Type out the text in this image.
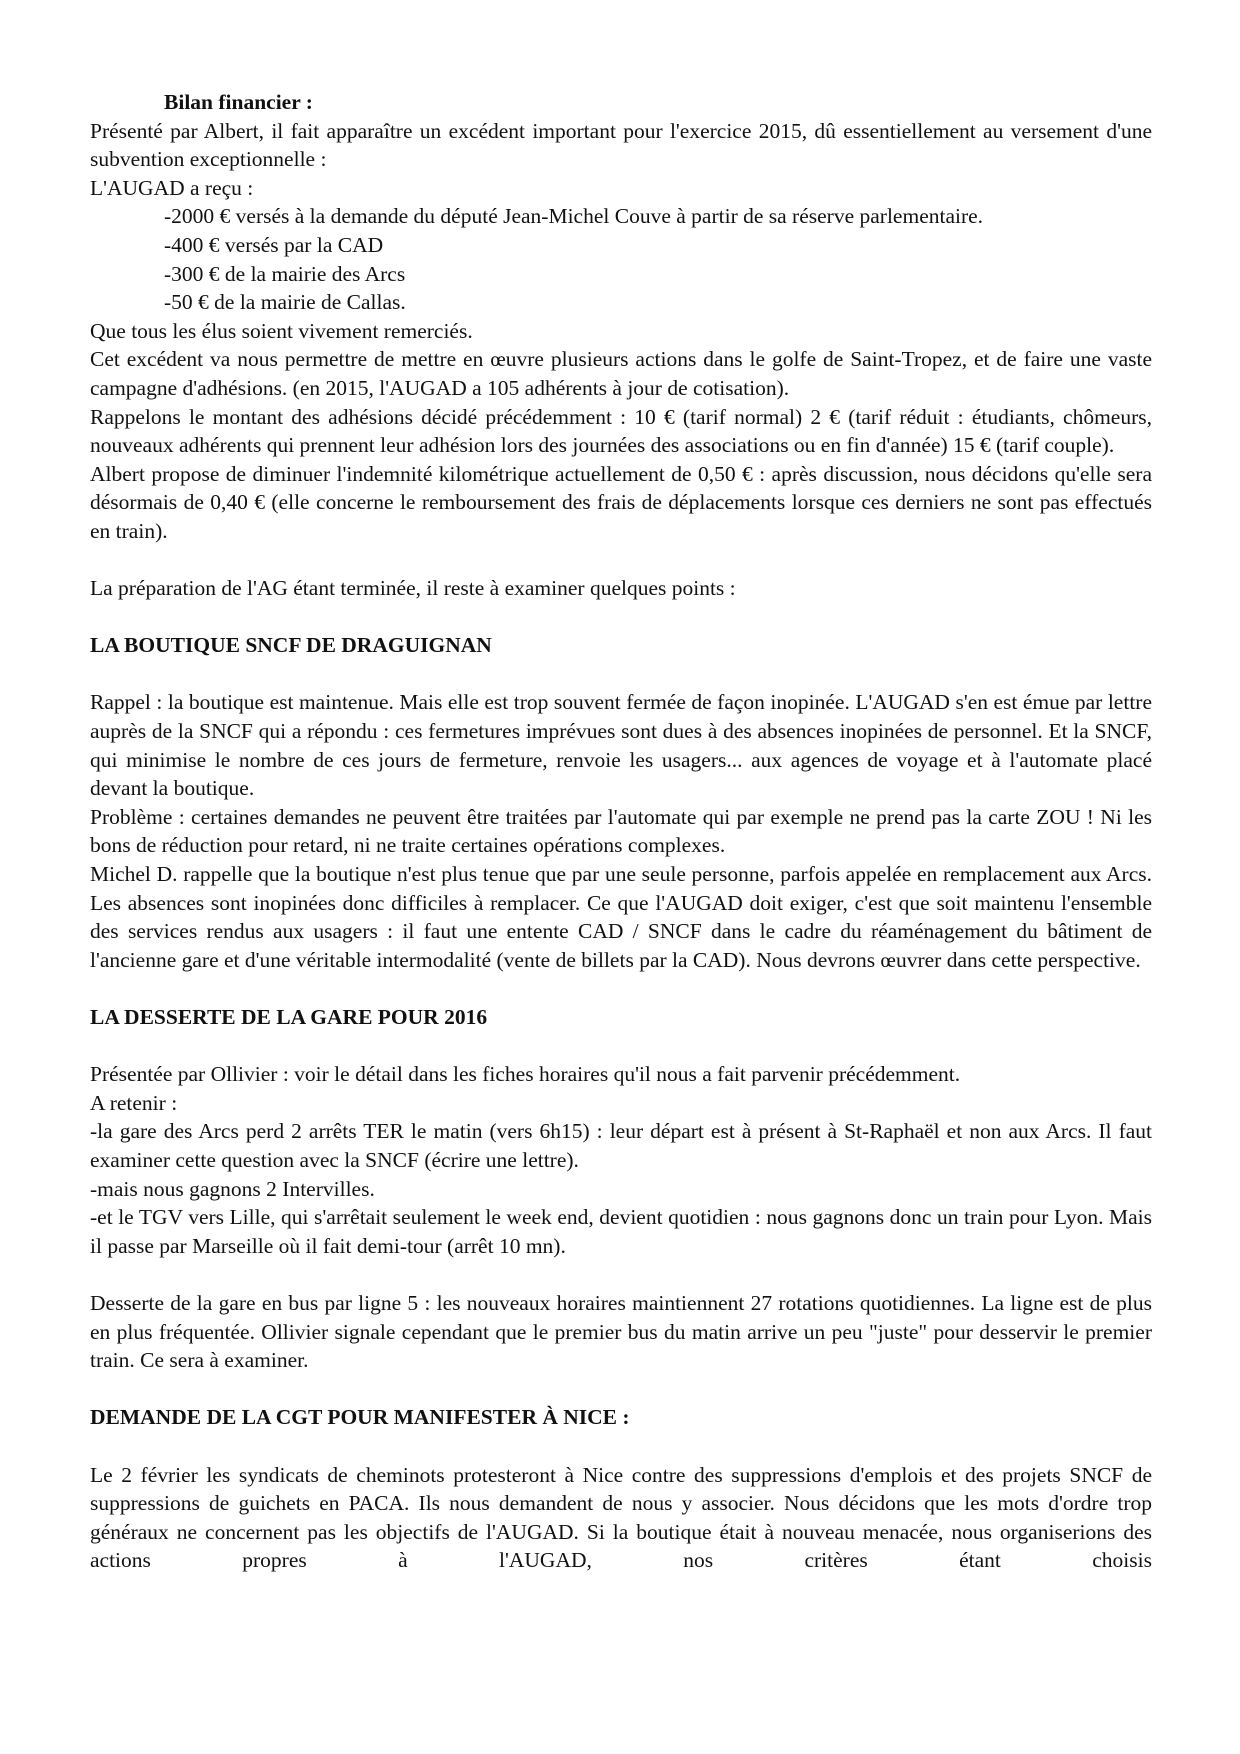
Bilan financier :

Présenté par Albert, il fait apparaître un excédent important pour l'exercice 2015, dû essentiellement au versement d'une subvention exceptionnelle :

L'AUGAD a reçu :

-2000 € versés à la demande du député Jean-Michel Couve à partir de sa réserve parlementaire.

-400 € versés par la CAD

-300 € de la mairie des Arcs

-50 € de la mairie de Callas.

Que tous les élus soient vivement remerciés.

Cet excédent va nous permettre de mettre en œuvre plusieurs actions dans le golfe de Saint-Tropez, et de faire une vaste campagne d'adhésions. (en 2015, l'AUGAD a 105 adhérents à jour de cotisation).

Rappelons le montant des adhésions décidé précédemment : 10 € (tarif normal) 2 € (tarif réduit : étudiants, chômeurs, nouveaux adhérents qui prennent leur adhésion lors des journées des associations ou en fin d'année) 15 € (tarif couple).

Albert propose de diminuer l'indemnité kilométrique actuellement de 0,50 € : après discussion, nous décidons qu'elle sera désormais de 0,40 € (elle concerne le remboursement des frais de déplacements lorsque ces derniers ne sont pas effectués en train).

La préparation de l'AG étant terminée, il reste à examiner quelques points :

LA BOUTIQUE SNCF DE DRAGUIGNAN

Rappel : la boutique est maintenue. Mais elle est trop souvent fermée de façon inopinée. L'AUGAD s'en est émue par lettre auprès de la SNCF qui a répondu : ces fermetures imprévues sont dues à des absences inopinées de personnel. Et la SNCF, qui minimise le nombre de ces jours de fermeture, renvoie les usagers... aux agences de voyage et à l'automate placé devant la boutique.

Problème : certaines demandes ne peuvent être traitées par l'automate qui par exemple ne prend pas la carte ZOU ! Ni les bons de réduction pour retard, ni ne traite certaines opérations complexes.

Michel D. rappelle que la boutique n'est plus tenue que par une seule personne, parfois appelée en remplacement aux Arcs. Les absences sont inopinées donc difficiles à remplacer. Ce que l'AUGAD doit exiger, c'est que soit maintenu l'ensemble des services rendus aux usagers : il faut une entente CAD / SNCF dans le cadre du réaménagement du bâtiment de l'ancienne gare et d'une véritable intermodalité (vente de billets par la CAD). Nous devrons œuvrer dans cette perspective.

LA DESSERTE DE LA GARE POUR 2016

Présentée par Ollivier : voir le détail dans les fiches horaires qu'il nous a fait parvenir précédemment.

A retenir :

-la gare des Arcs perd 2 arrêts TER le matin (vers 6h15) : leur départ est à présent à St-Raphaël et non aux Arcs. Il faut examiner cette question avec la SNCF (écrire une lettre).

-mais nous gagnons 2 Intervilles.

-et le TGV vers Lille, qui s'arrêtait seulement le week end, devient quotidien : nous gagnons donc un train pour Lyon. Mais il passe par Marseille où il fait demi-tour (arrêt 10 mn).

Desserte de la gare en bus par ligne 5 : les nouveaux horaires maintiennent 27 rotations quotidiennes. La ligne est de plus en plus fréquentée. Ollivier signale cependant que le premier bus du matin arrive un peu "juste" pour desservir le premier train. Ce sera à examiner.

DEMANDE DE LA CGT POUR MANIFESTER À NICE :

Le 2 février les syndicats de cheminots protesteront à Nice contre des suppressions d'emplois et des projets SNCF de suppressions de guichets en PACA. Ils nous demandent de nous y associer. Nous décidons que les mots d'ordre trop généraux ne concernent pas les objectifs de l'AUGAD. Si la boutique était à nouveau menacée, nous organiserions des actions propres à l'AUGAD, nos critères étant choisis
